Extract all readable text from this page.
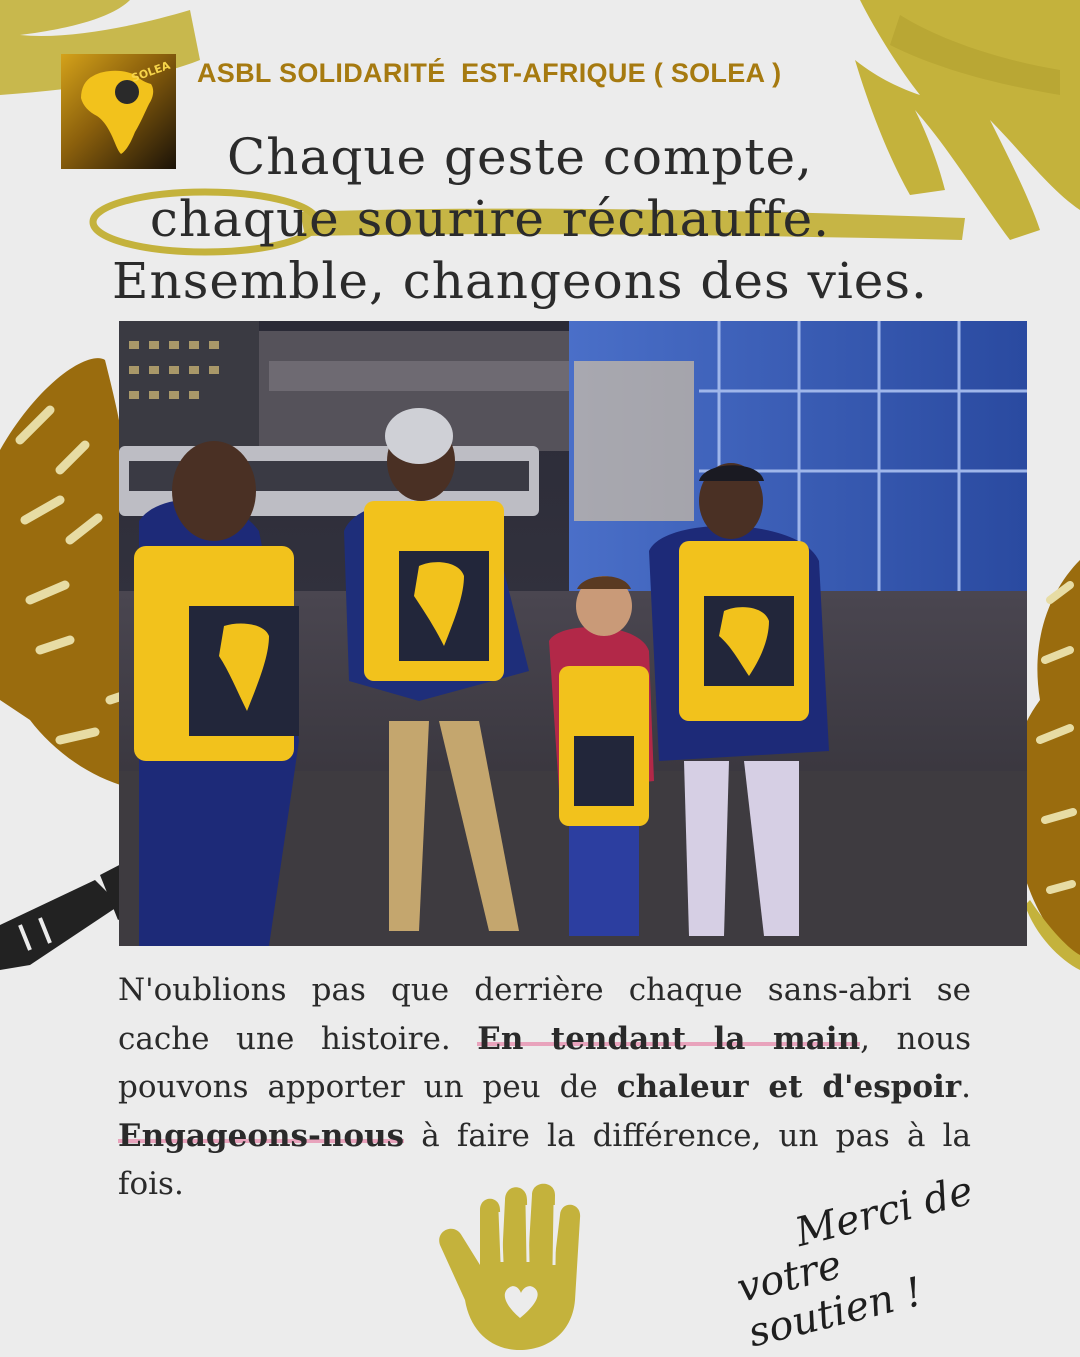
SOLEA ASBL SOLIDARITÉ  EST-AFRIQUE ( SOLEA )
Chaque geste compte,
chaque sourire réchauffe.
Ensemble, changeons des vies.
N'oublions pas que derrière chaque sans-abri se cache une histoire. En tendant la main, nous pouvons apporter un peu de chaleur et d'espoir. Engageons-nous à faire la différence, un pas à la fois.	Merci de
votre soutien !
